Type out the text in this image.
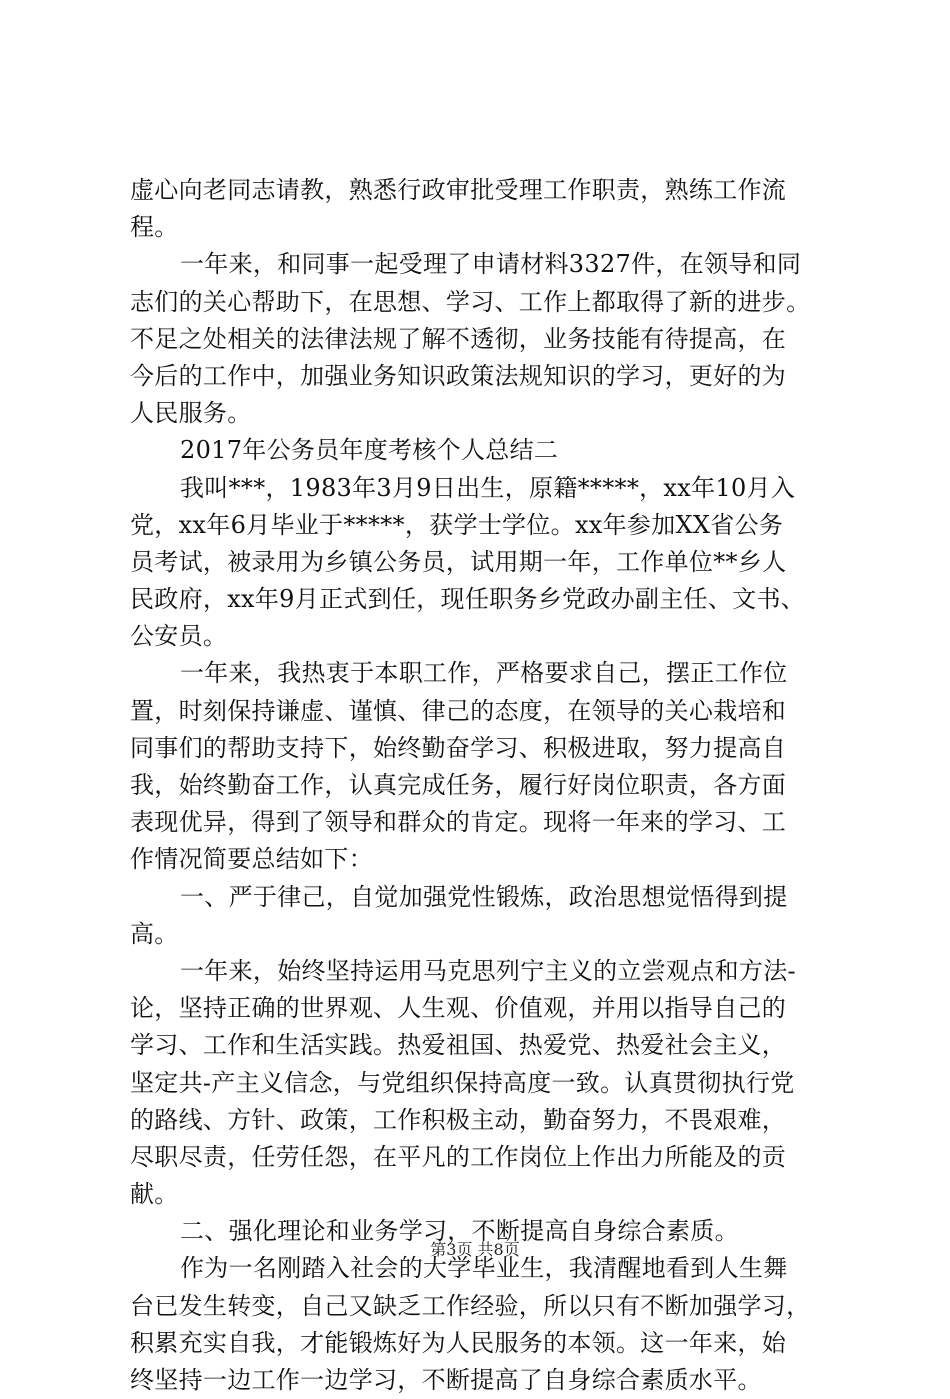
虚心向老同志请教，熟悉行政审批受理工作职责，熟练工作流
程。
一年来，和同事一起受理了申请材料3327件，在领导和同
志们的关心帮助下，在思想、学习、工作上都取得了新的进步。
不足之处相关的法律法规了解不透彻，业务技能有待提高，在
今后的工作中，加强业务知识政策法规知识的学习，更好的为
人民服务。
2017年公务员年度考核个人总结二
我叫***，1983年3月9日出生，原籍*****，xx年10月入
党，xx年6月毕业于*****，获学士学位。xx年参加XX省公务
员考试，被录用为乡镇公务员，试用期一年，工作单位**乡人
民政府，xx年9月正式到任，现任职务乡党政办副主任、文书、
公安员。
一年来，我热衷于本职工作，严格要求自己，摆正工作位
置，时刻保持谦虚、谨慎、律己的态度，在领导的关心栽培和
同事们的帮助支持下，始终勤奋学习、积极进取，努力提高自
我，始终勤奋工作，认真完成任务，履行好岗位职责，各方面
表现优异，得到了领导和群众的肯定。现将一年来的学习、工
作情况简要总结如下：
一、严于律己，自觉加强党性锻炼，政治思想觉悟得到提
高。
一年来，始终坚持运用马克思列宁主义的立尝观点和方法-
论，坚持正确的世界观、人生观、价值观，并用以指导自己的
学习、工作和生活实践。热爱祖国、热爱党、热爱社会主义，
坚定共-产主义信念，与党组织保持高度一致。认真贯彻执行党
的路线、方针、政策，工作积极主动，勤奋努力，不畏艰难，
尽职尽责，任劳任怨，在平凡的工作岗位上作出力所能及的贡
献。
二、强化理论和业务学习，不断提高自身综合素质。
作为一名刚踏入社会的大学毕业生，我清醒地看到人生舞
台已发生转变，自己又缺乏工作经验，所以只有不断加强学习，
积累充实自我，才能锻炼好为人民服务的本领。这一年来，始
终坚持一边工作一边学习，不断提高了自身综合素质水平。
第3页 共8页
